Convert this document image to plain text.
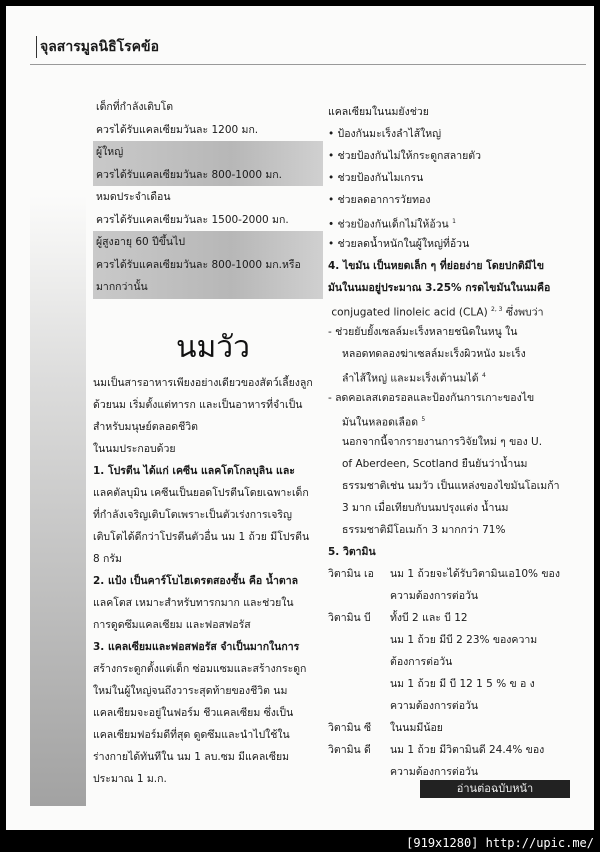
จุลสารมูลนิธิโรคข้อ
เด็กที่กำลังเติบโต
ควรได้รับแคลเซียมวันละ 1200 มก.
ผู้ใหญ่
ควรได้รับแคลเซียมวันละ 800-1000 มก.
หมดประจำเดือน
ควรได้รับแคลเซียมวันละ 1500-2000 มก.
ผู้สูงอายุ 60 ปีขึ้นไป
ควรได้รับแคลเซียมวันละ 800-1000 มก.หรือ
มากกว่านั้น
นมวัว
นมเป็นสารอาหารเพียงอย่างเดียวของสัตว์เลี้ยงลูก
ด้วยนม เริ่มตั้งแต่ทารก และเป็นอาหารที่จำเป็น
สำหรับมนุษย์ตลอดชีวิต
ในนมประกอบด้วย
1. โปรตีน ได้แก่ เคซีน แลคโตโกลบุลิน และ
แลคตัลบุมิน เคซีนเป็นยอดโปรตีนโดยเฉพาะเด็ก
ที่กำลังเจริญเติบโตเพราะเป็นตัวเร่งการเจริญ
เติบโตได้ดีกว่าโปรตีนตัวอื่น นม 1 ถ้วย มีโปรตีน
8 กรัม
2. แป้ง เป็นคาร์โบไฮเดรตสองชั้น คือ น้ำตาล
แลคโตส เหมาะสำหรับทารกมาก และช่วยใน
การดูดซึมแคลเซียม และฟอสฟอรัส
3. แคลเซียมและฟอสฟอรัส จำเป็นมากในการ
สร้างกระดูกตั้งแต่เด็ก ซ่อมแซมและสร้างกระดูก
ใหม่ในผู้ใหญ่จนถึงวาระสุดท้ายของชีวิต นม
แคลเซียมจะอยู่ในฟอร์ม ชีวแคลเซียม ซึ่งเป็น
แคลเซียมฟอร์มดีที่สุด ดูดซึมและนำไปใช้ใน
ร่างกายได้ทันทีใน นม 1 ลบ.ซม มีแคลเซียม
ประมาณ 1 ม.ก.
แคลเซียมในนมยังช่วย
• ป้องกันมะเร็งลำไส้ใหญ่
• ช่วยป้องกันไม่ให้กระดูกสลายตัว
• ช่วยป้องกันไมเกรน
• ช่วยลดอาการวัยทอง
• ช่วยป้องกันเด็กไม่ให้อ้วน $^1$
• ช่วยลดน้ำหนักในผู้ใหญ่ที่อ้วน
4. ไขมัน เป็นหยดเล็ก ๆ ที่ย่อยง่าย โดยปกติมีไข
มันในนมอยู่ประมาณ 3.25% กรดไขมันในนมคือ
conjugated linoleic acid (CLA) $^{2, 3}$ ซึ่งพบว่า
- ช่วยยับยั้งเซลล์มะเร็งหลายชนิดในหนู ใน
หลอดทดลองฆ่าเซลล์มะเร็งผิวหนัง มะเร็ง
ลำไส้ใหญ่ และมะเร็งเต้านมได้ $^4$
- ลดคอเลสเตอรอลและป้องกันการเกาะของไข
มันในหลอดเลือด $^5$
นอกจากนี้จากรายงานการวิจัยใหม่ ๆ ของ U.
of Aberdeen, Scotland ยืนยันว่าน้ำนม
ธรรมชาติเช่น นมวัว เป็นแหล่งของไขมันโอเมก้า
3 มาก เมื่อเทียบกับนมปรุงแต่ง น้ำนม
ธรรมชาติมีโอเมก้า 3 มากกว่า 71%
5. วิตามิน
วิตามิน เอ	นม 1 ถ้วยจะได้รับวิตามินเอ10% ของ
ความต้องการต่อวัน
วิตามิน บี	ทั้งบี 2 และ บี 12
นม 1 ถ้วย มีบี 2 23% ของความ
ต้องการต่อวัน
นม 1 ถ้วย มี บี 12 1 5 % ข อ ง
ความต้องการต่อวัน
วิตามิน ซี	ในนมมีน้อย
วิตามิน ดี	นม 1 ถ้วย มีวิตามินดี 24.4% ของ
ความต้องการต่อวัน
อ่านต่อฉบับหน้า
[919x1280] http://upic.me/
